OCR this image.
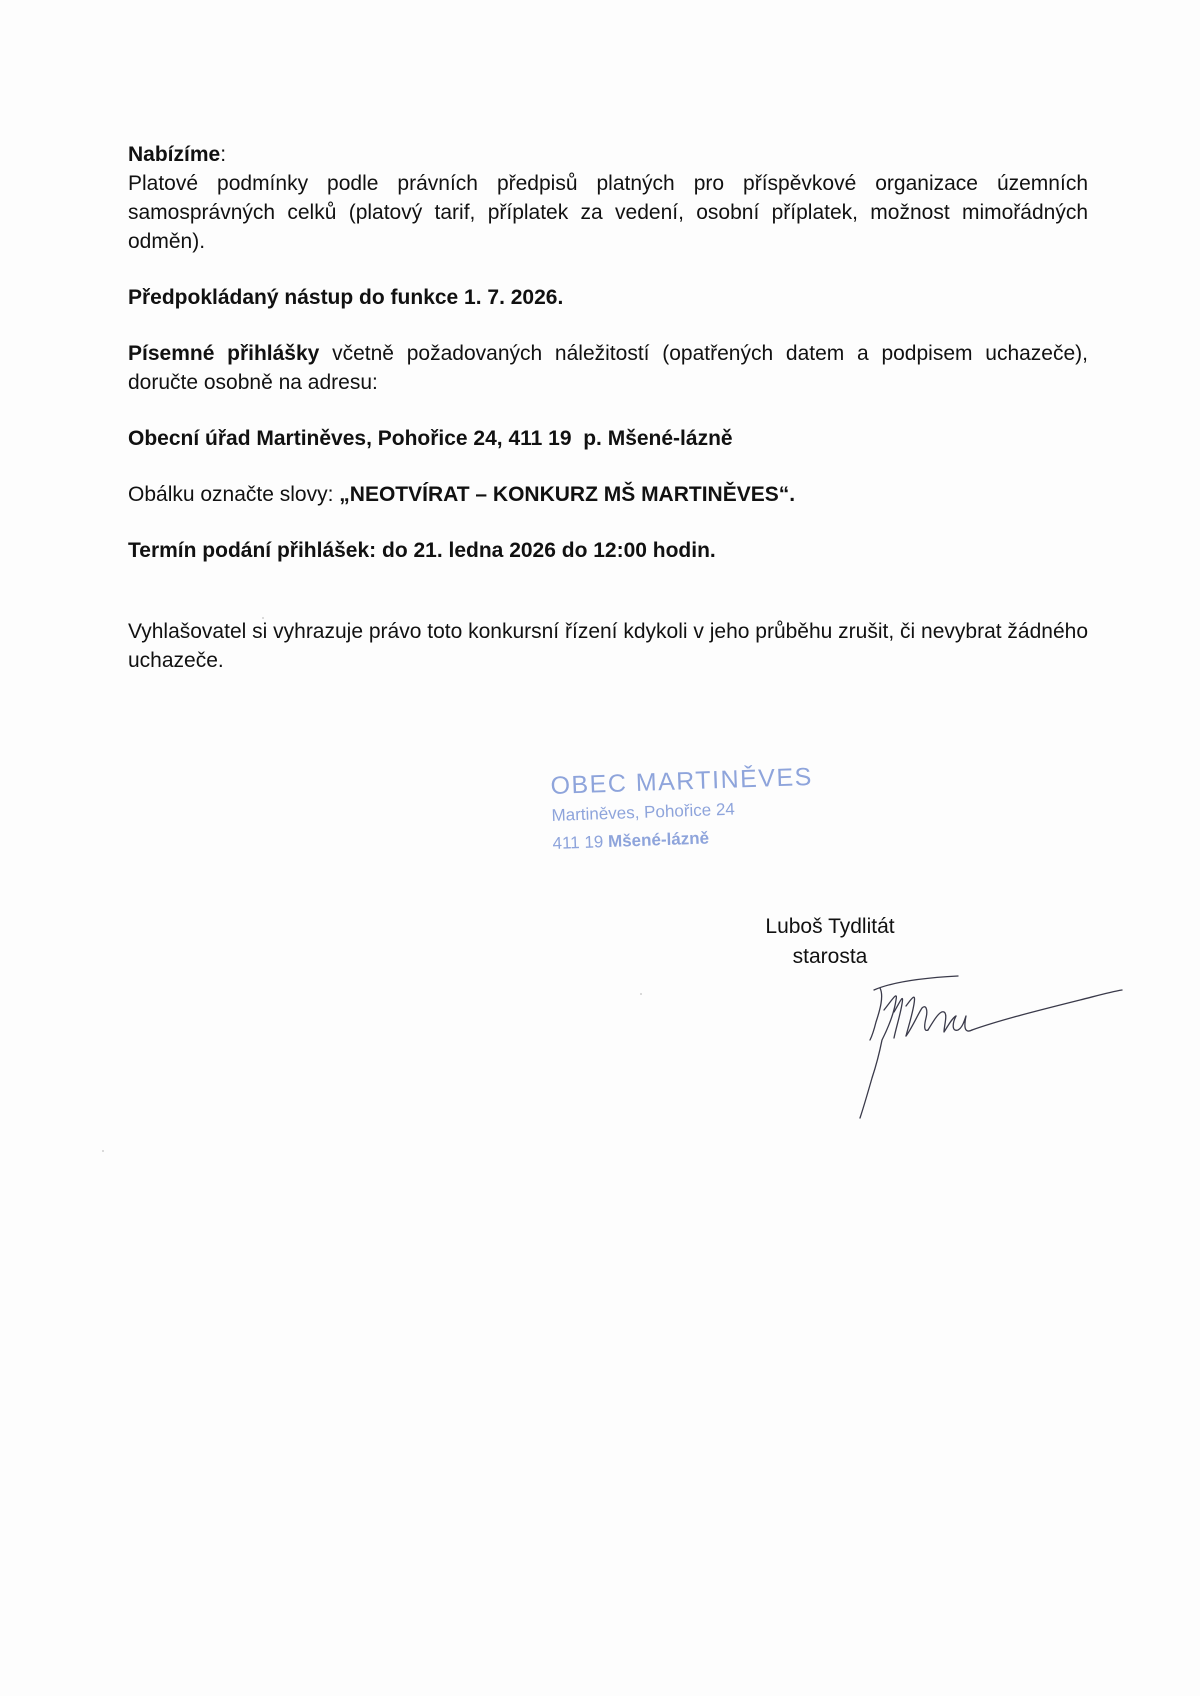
Nabízíme:

Platové podmínky podle právních předpisů platných pro příspěvkové organizace územních samosprávných celků (platový tarif, příplatek za vedení, osobní příplatek, možnost mimořádných odměn).

Předpokládaný nástup do funkce 1. 7. 2026.

Písemné přihlášky včetně požadovaných náležitostí (opatřených datem a podpisem uchazeče), doručte osobně na adresu:

Obecní úřad Martiněves, Pohořice 24, 411 19  p. Mšené-lázně

Obálku označte slovy: „NEOTVÍRAT – KONKURZ MŠ MARTINĚVES“.

Termín podání přihlášek: do 21. ledna 2026 do 12:00 hodin.

Vyhlašovatel si vyhrazuje právo toto konkursní řízení kdykoli v jeho průběhu zrušit, či nevybrat žádného uchazeče.

OBEC MARTINĚVES
Martiněves, Pohořice 24
411 19 Mšené-lázně
Luboš Tydlitát
starosta
